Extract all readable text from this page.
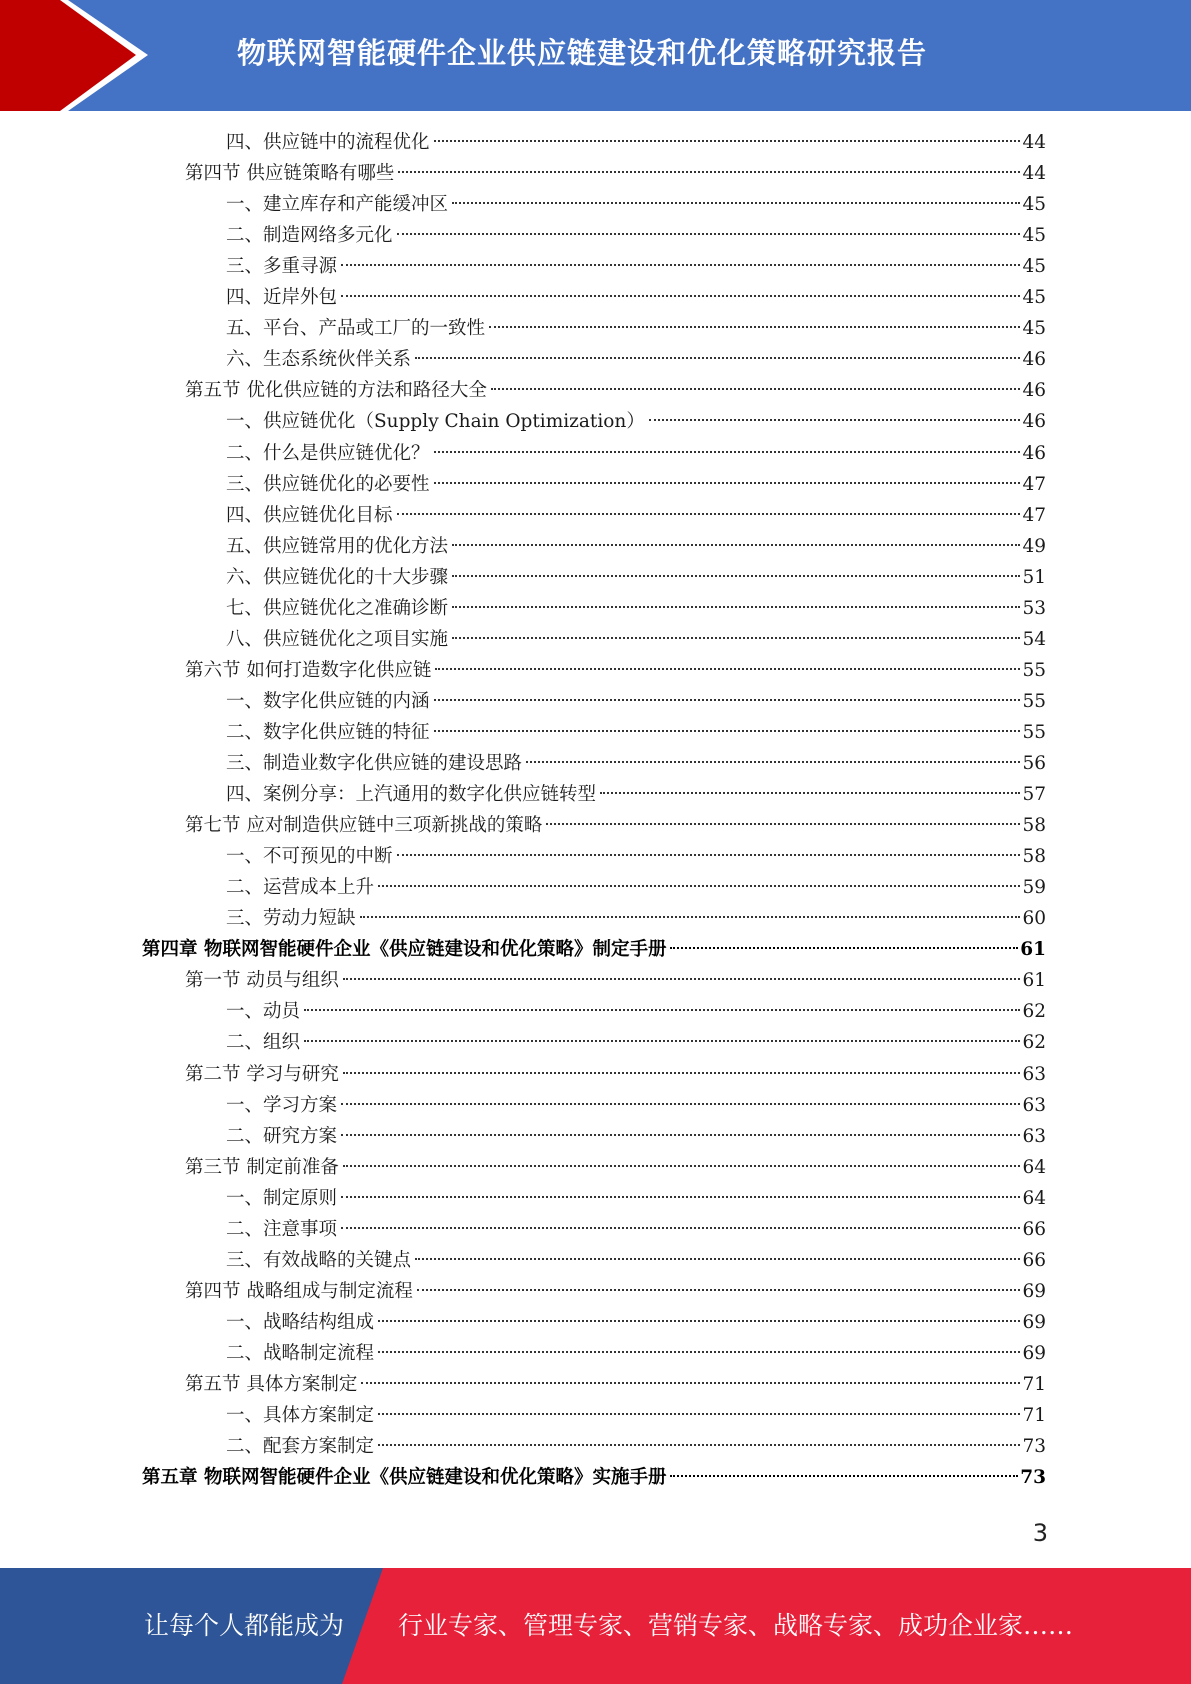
物联网智能硬件企业供应链建设和优化策略研究报告
四、供应链中的流程优化	44
第四节 供应链策略有哪些	44
一、建立库存和产能缓冲区	45
二、制造网络多元化	45
三、多重寻源	45
四、近岸外包	45
五、平台、产品或工厂的一致性	45
六、生态系统伙伴关系	46
第五节 优化供应链的方法和路径大全	46
一、供应链优化（Supply Chain Optimization）	46
二、什么是供应链优化？	46
三、供应链优化的必要性	47
四、供应链优化目标	47
五、供应链常用的优化方法	49
六、供应链优化的十大步骤	51
七、供应链优化之准确诊断	53
八、供应链优化之项目实施	54
第六节 如何打造数字化供应链	55
一、数字化供应链的内涵	55
二、数字化供应链的特征	55
三、制造业数字化供应链的建设思路	56
四、案例分享：上汽通用的数字化供应链转型	57
第七节 应对制造供应链中三项新挑战的策略	58
一、不可预见的中断	58
二、运营成本上升	59
三、劳动力短缺	60
第四章 物联网智能硬件企业《供应链建设和优化策略》制定手册	61
第一节 动员与组织	61
一、动员	62
二、组织	62
第二节 学习与研究	63
一、学习方案	63
二、研究方案	63
第三节 制定前准备	64
一、制定原则	64
二、注意事项	66
三、有效战略的关键点	66
第四节 战略组成与制定流程	69
一、战略结构组成	69
二、战略制定流程	69
第五节 具体方案制定	71
一、具体方案制定	71
二、配套方案制定	73
第五章 物联网智能硬件企业《供应链建设和优化策略》实施手册	73
3
让每个人都能成为 行业专家、管理专家、营销专家、战略专家、成功企业家……
